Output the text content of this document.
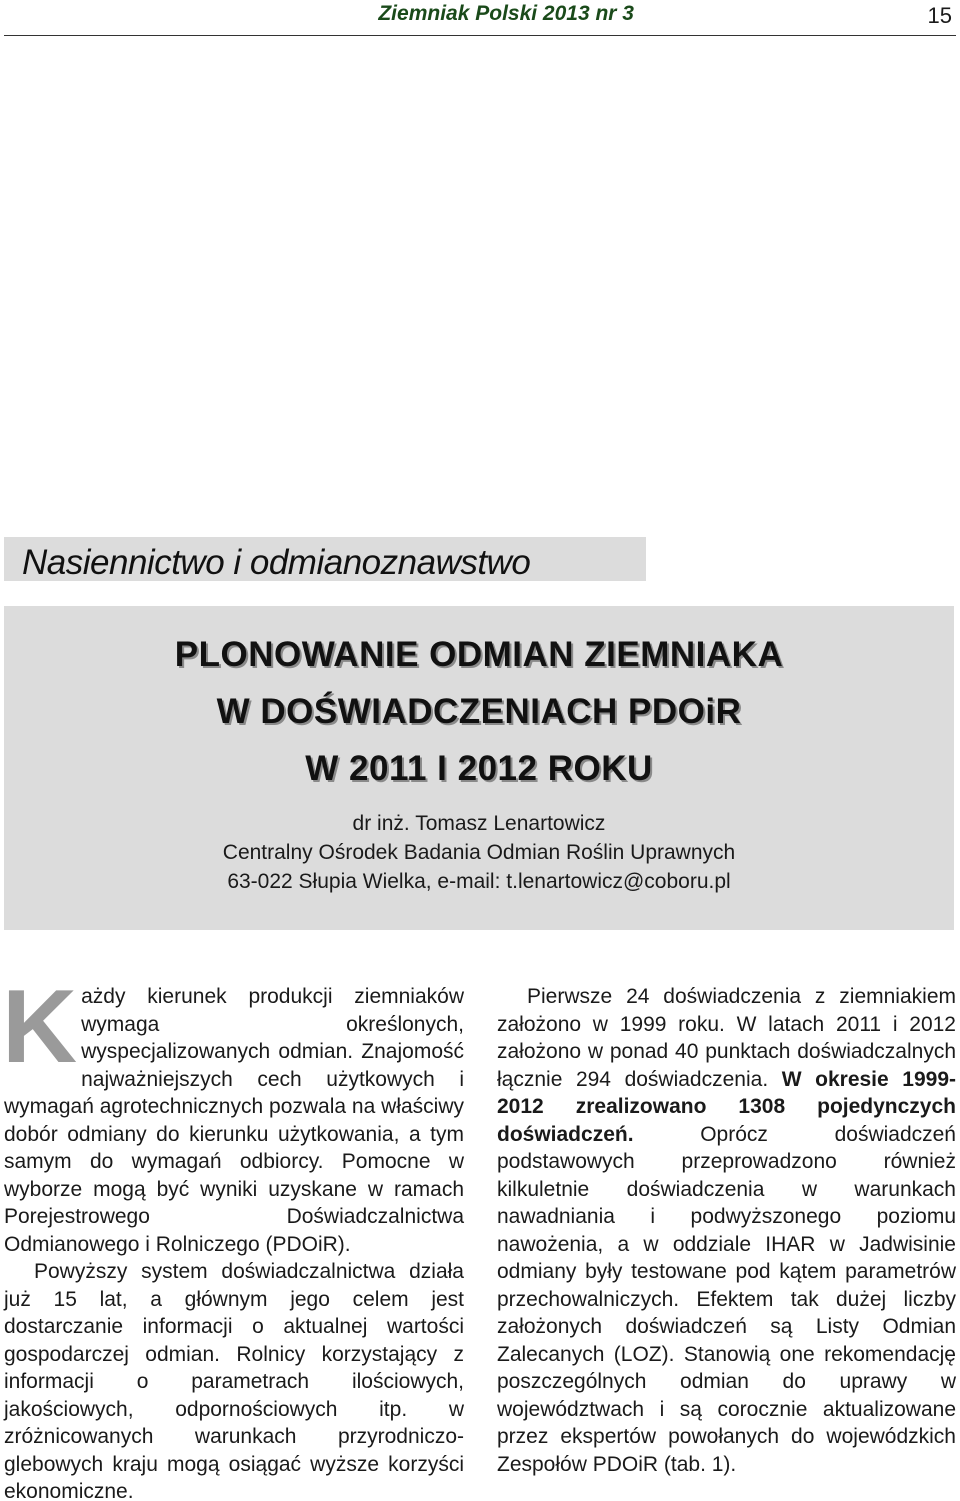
Ziemniak Polski 2013 nr 3	15
Nasiennictwo i odmianoznawstwo
PLONOWANIE ODMIAN ZIEMNIAKA
W DOŚWIADCZENIACH PDOiR
W 2011 I 2012 ROKU
dr inż. Tomasz Lenartowicz
Centralny Ośrodek Badania Odmian Roślin Uprawnych
63-022 Słupia Wielka, e-mail: t.lenartowicz@coboru.pl

Każdy kierunek produkcji ziemniaków wymaga określonych, wyspecjalizowanych odmian. Znajomość najważniejszych cech użytkowych i wymagań agrotechnicznych pozwala na właściwy dobór odmiany do kierunku użytkowania, a tym samym do wymagań odbiorcy. Pomocne w wyborze mogą być wyniki uzyskane w ramach Porejestrowego Doświadczalnictwa Odmianowego i Rolniczego (PDOiR).

Powyższy system doświadczalnictwa działa już 15 lat, a głównym jego celem jest dostarczanie informacji o aktualnej wartości gospodarczej odmian. Rolnicy korzystający z informacji o parametrach ilościowych, jakościowych, odpornościowych itp. w zróżnicowanych warunkach przyrodniczo-glebowych kraju mogą osiągać wyższe korzyści ekonomiczne.

Pierwsze 24 doświadczenia z ziemniakiem założono w 1999 roku. W latach 2011 i 2012 założono w ponad 40 punktach doświadczalnych łącznie 294 doświadczenia. W okresie 1999-2012 zrealizowano 1308 pojedynczych doświadczeń.	Oprócz doświadczeń podstawowych przeprowadzono również kilkuletnie doświadczenia w warunkach nawadniania i podwyższonego poziomu nawożenia, a w oddziale IHAR w Jadwisinie odmiany były testowane pod kątem parametrów przechowalniczych. Efektem tak dużej liczby założonych doświadczeń są Listy Odmian Zalecanych (LOZ). Stanowią one rekomendację poszczególnych odmian do uprawy w województwach i są corocznie aktualizowane przez ekspertów powołanych do wojewódzkich Zespołów PDOiR (tab. 1).
